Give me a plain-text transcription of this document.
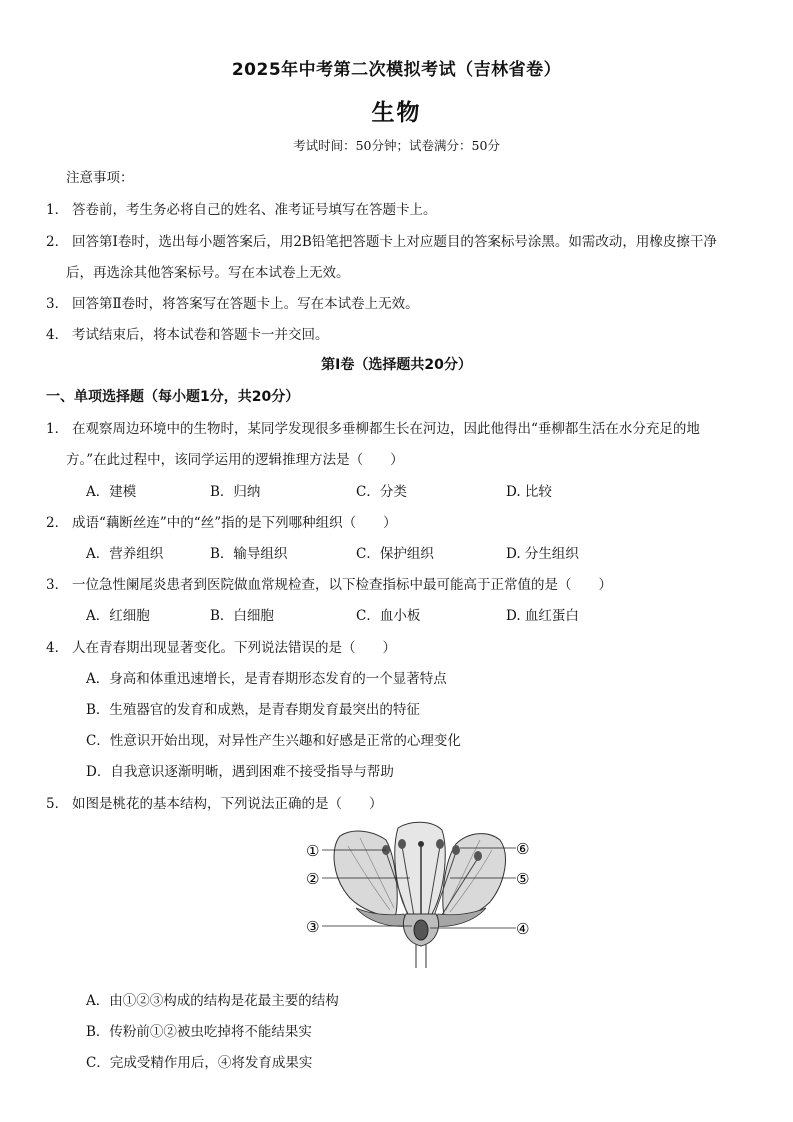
2025年中考第二次模拟考试（吉林省卷）
生物
考试时间：50分钟；试卷满分：50分
注意事项：
1． 答卷前，考生务必将自己的姓名、准考证号填写在答题卡上。
2． 回答第Ⅰ卷时，选出每小题答案后，用2B铅笔把答题卡上对应题目的答案标号涂黑。如需改动，用橡皮擦干净
后，再选涂其他答案标号。写在本试卷上无效。
3． 回答第Ⅱ卷时，将答案写在答题卡上。写在本试卷上无效。
4． 考试结束后，将本试卷和答题卡一并交回。
第Ⅰ卷（选择题共20分）
一、单项选择题（每小题1分，共20分）
1． 在观察周边环境中的生物时，某同学发现很多垂柳都生长在河边，因此他得出“垂柳都生活在水分充足的地
方。”在此过程中，该同学运用的逻辑推理方法是（　　）
A．建模	B．归纳	C．分类	D. 比较
2． 成语“藕断丝连”中的“丝”指的是下列哪种组织（　　）
A．营养组织	B．输导组织	C．保护组织	D. 分生组织
3． 一位急性阑尾炎患者到医院做血常规检查，以下检查指标中最可能高于正常值的是（　　）
A．红细胞	B．白细胞	C．血小板	D. 血红蛋白
4． 人在青春期出现显著变化。下列说法错误的是（　　）
A．身高和体重迅速增长，是青春期形态发育的一个显著特点
B．生殖器官的发育和成熟，是青春期发育最突出的特征
C．性意识开始出现，对异性产生兴趣和好感是正常的心理变化
D．自我意识逐渐明晰，遇到困难不接受指导与帮助
5． 如图是桃花的基本结构，下列说法正确的是（　　）
①
②
③	④
⑤
⑥
A．由①②③构成的结构是花最主要的结构
B．传粉前①②被虫吃掉将不能结果实
C．完成受精作用后，④将发育成果实
